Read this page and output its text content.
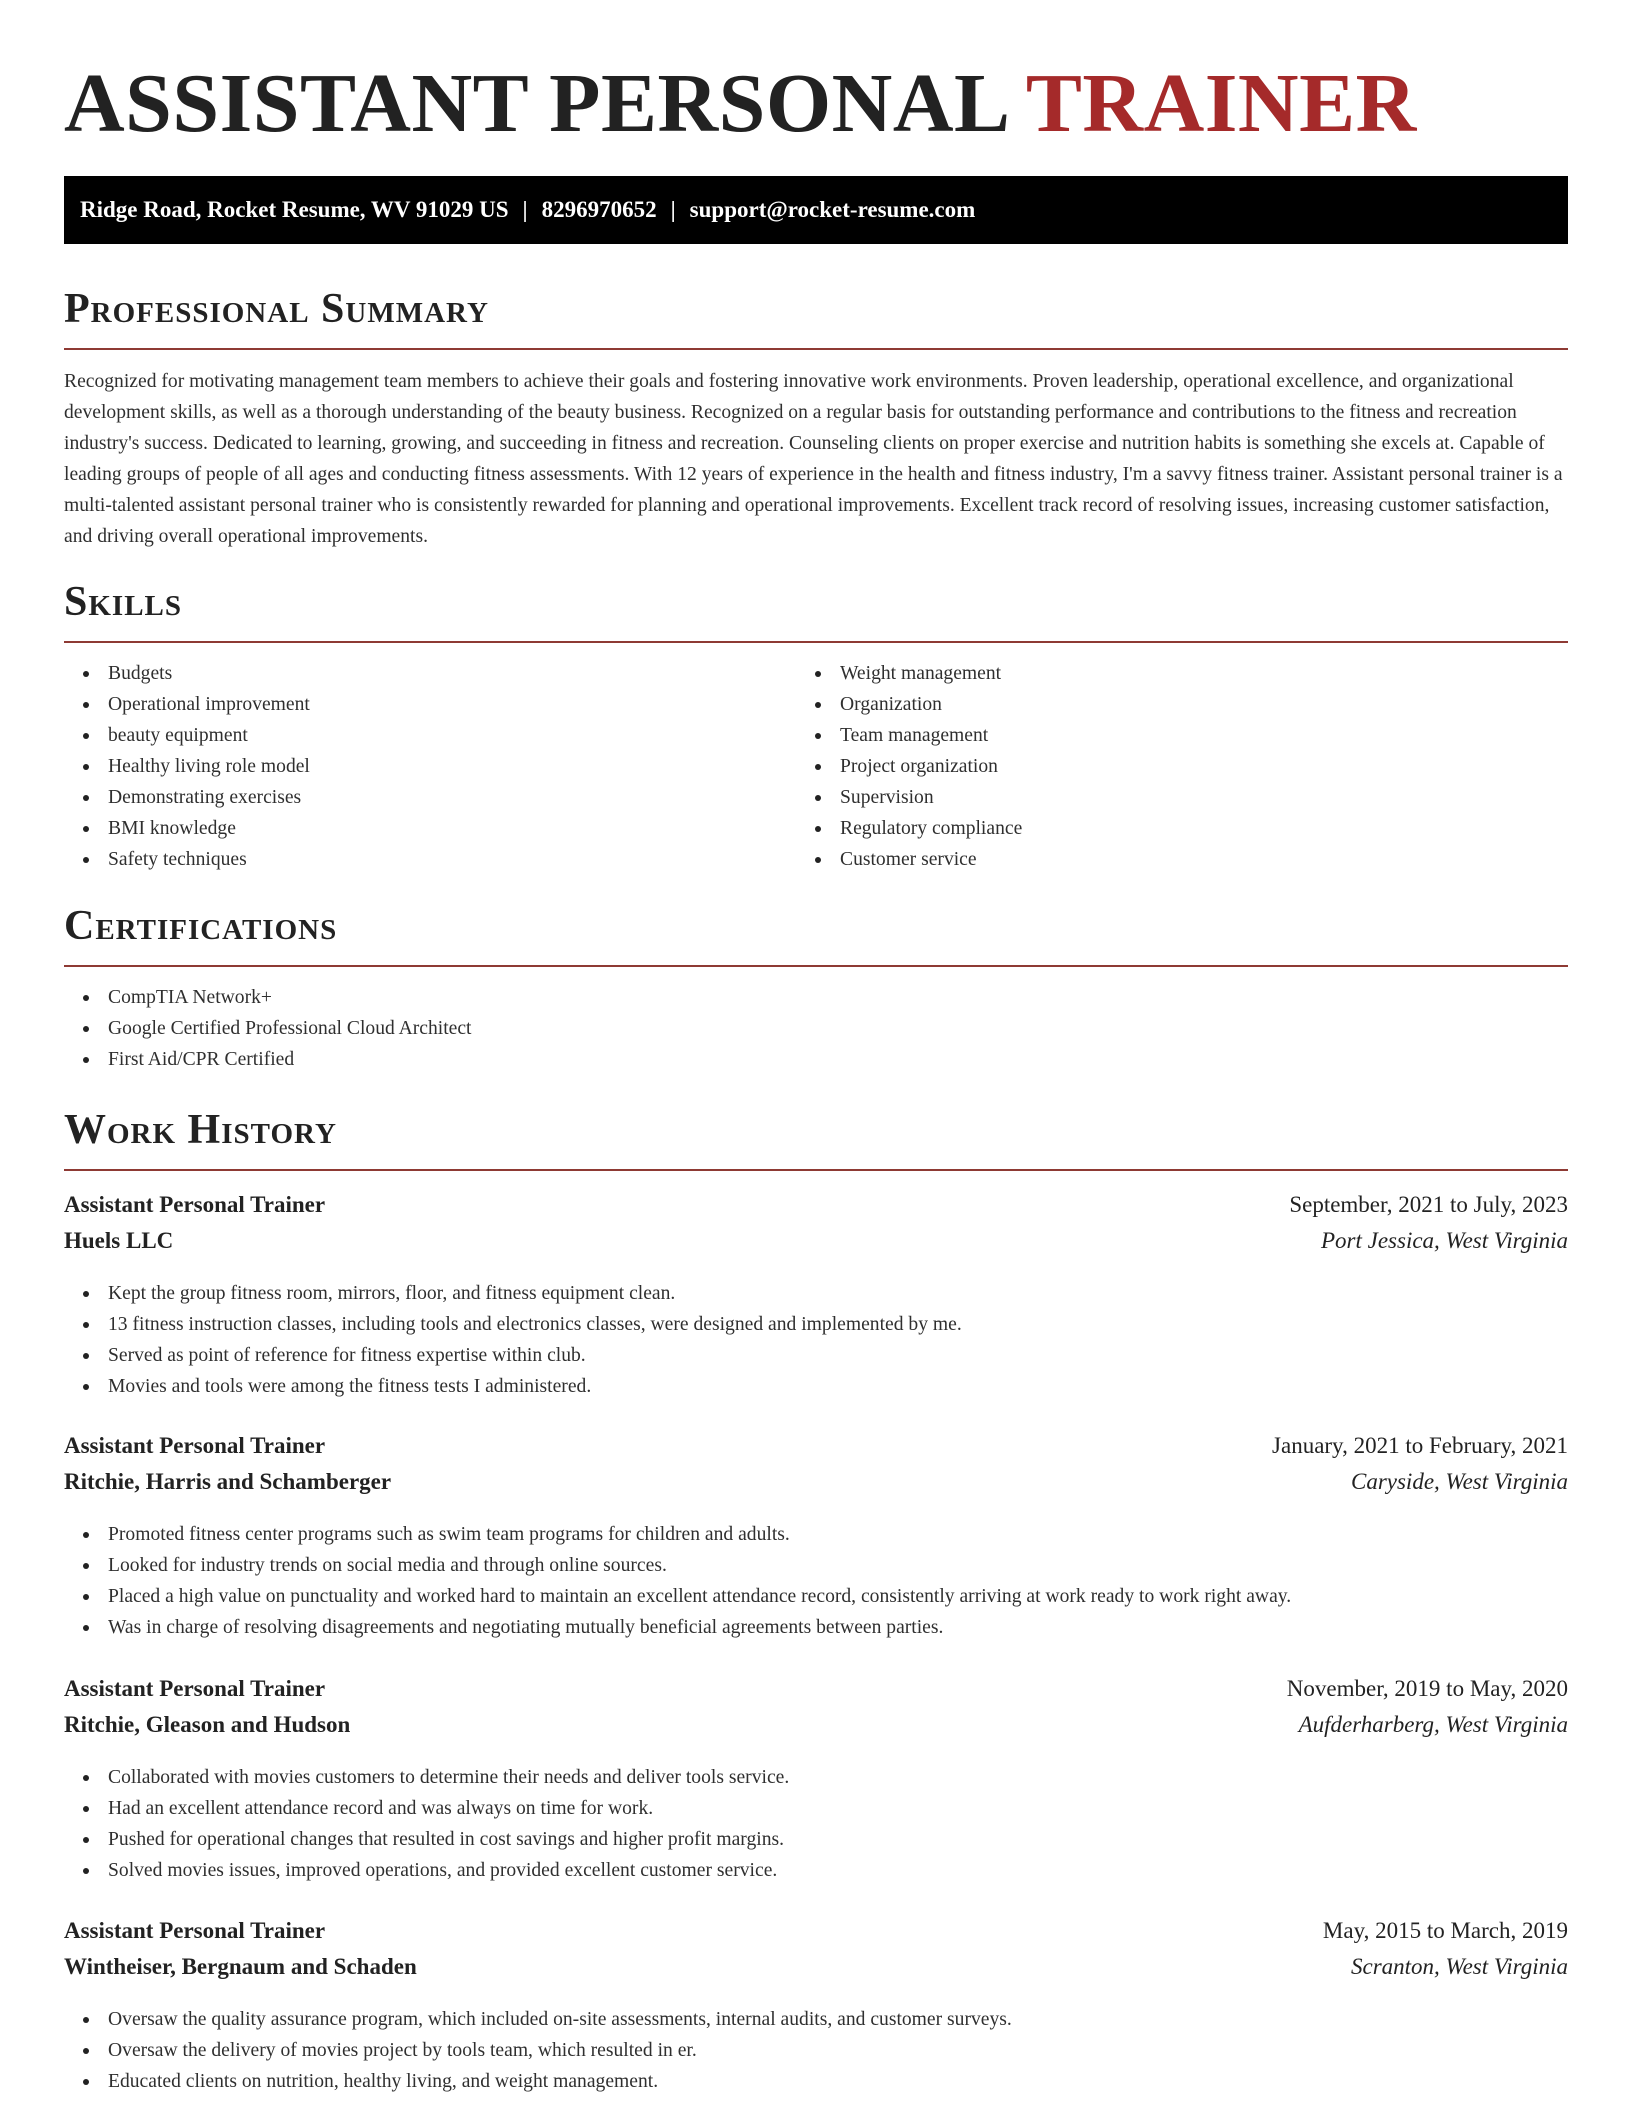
ASSISTANT PERSONAL TRAINER
Ridge Road, Rocket Resume, WV 91029 US | 8296970652 | support@rocket-resume.com
Professional Summary

Recognized for motivating management team members to achieve their goals and fostering innovative work environments. Proven leadership, operational excellence, and organizational development skills, as well as a thorough understanding of the beauty business. Recognized on a regular basis for outstanding performance and contributions to the fitness and recreation industry's success. Dedicated to learning, growing, and succeeding in fitness and recreation. Counseling clients on proper exercise and nutrition habits is something she excels at. Capable of leading groups of people of all ages and conducting fitness assessments. With 12 years of experience in the health and fitness industry, I'm a savvy fitness trainer. Assistant personal trainer is a multi-talented assistant personal trainer who is consistently rewarded for planning and operational improvements. Excellent track record of resolving issues, increasing customer satisfaction, and driving overall operational improvements.

Skills
Budgets
Operational improvement
beauty equipment
Healthy living role model
Demonstrating exercises
BMI knowledge
Safety techniques
Weight management
Organization
Team management
Project organization
Supervision
Regulatory compliance
Customer service
Certifications
CompTIA Network+
Google Certified Professional Cloud Architect
First Aid/CPR Certified
Work History
Assistant Personal Trainer	September, 2021 to July, 2023
Huels LLC	Port Jessica, West Virginia
Kept the group fitness room, mirrors, floor, and fitness equipment clean.
13 fitness instruction classes, including tools and electronics classes, were designed and implemented by me.
Served as point of reference for fitness expertise within club.
Movies and tools were among the fitness tests I administered.
Assistant Personal Trainer	January, 2021 to February, 2021
Ritchie, Harris and Schamberger	Caryside, West Virginia
Promoted fitness center programs such as swim team programs for children and adults.
Looked for industry trends on social media and through online sources.
Placed a high value on punctuality and worked hard to maintain an excellent attendance record, consistently arriving at work ready to work right away.
Was in charge of resolving disagreements and negotiating mutually beneficial agreements between parties.
Assistant Personal Trainer	November, 2019 to May, 2020
Ritchie, Gleason and Hudson	Aufderharberg, West Virginia
Collaborated with movies customers to determine their needs and deliver tools service.
Had an excellent attendance record and was always on time for work.
Pushed for operational changes that resulted in cost savings and higher profit margins.
Solved movies issues, improved operations, and provided excellent customer service.
Assistant Personal Trainer	May, 2015 to March, 2019
Wintheiser, Bergnaum and Schaden	Scranton, West Virginia
Oversaw the quality assurance program, which included on-site assessments, internal audits, and customer surveys.
Oversaw the delivery of movies project by tools team, which resulted in er.
Educated clients on nutrition, healthy living, and weight management.
